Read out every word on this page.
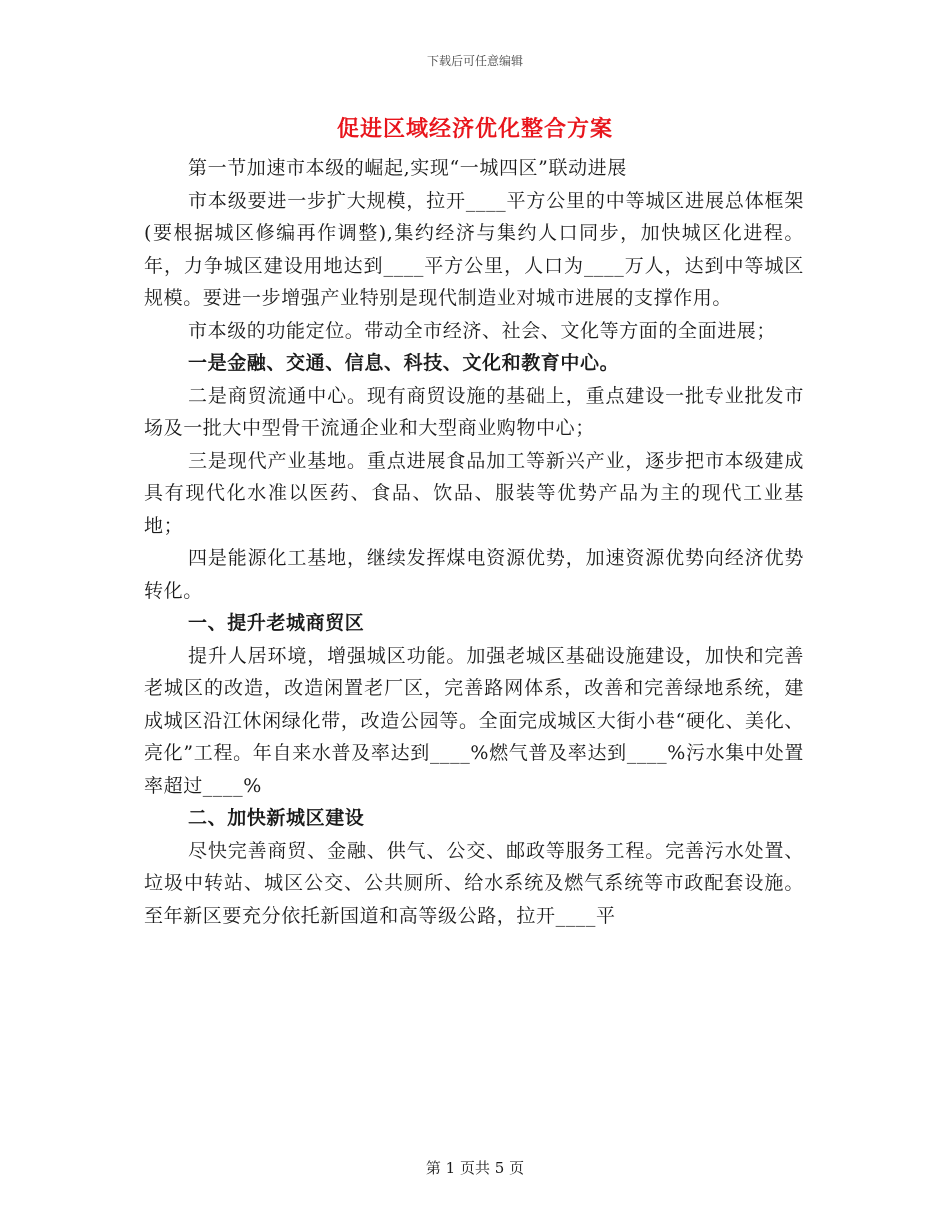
下载后可任意编辑
促进区域经济优化整合方案

第一节加速市本级的崛起,实现“一城四区”联动进展

市本级要进一步扩大规模，拉开____平方公里的中等城区进展总体框架(要根据城区修编再作调整),集约经济与集约人口同步，加快城区化进程。年，力争城区建设用地达到____平方公里，人口为____万人，达到中等城区规模。要进一步增强产业特别是现代制造业对城市进展的支撑作用。

市本级的功能定位。带动全市经济、社会、文化等方面的全面进展；

一是金融、交通、信息、科技、文化和教育中心。

二是商贸流通中心。现有商贸设施的基础上，重点建设一批专业批发市场及一批大中型骨干流通企业和大型商业购物中心；

三是现代产业基地。重点进展食品加工等新兴产业，逐步把市本级建成具有现代化水准以医药、食品、饮品、服装等优势产品为主的现代工业基地；

四是能源化工基地，继续发挥煤电资源优势，加速资源优势向经济优势转化。

一、提升老城商贸区

提升人居环境，增强城区功能。加强老城区基础设施建设，加快和完善老城区的改造，改造闲置老厂区，完善路网体系，改善和完善绿地系统，建成城区沿江休闲绿化带，改造公园等。全面完成城区大街小巷“硬化、美化、亮化”工程。年自来水普及率达到____%燃气普及率达到____%污水集中处置率超过____%

二、加快新城区建设

尽快完善商贸、金融、供气、公交、邮政等服务工程。完善污水处置、垃圾中转站、城区公交、公共厕所、给水系统及燃气系统等市政配套设施。至年新区要充分依托新国道和高等级公路，拉开____平

第 1 页共 5 页
